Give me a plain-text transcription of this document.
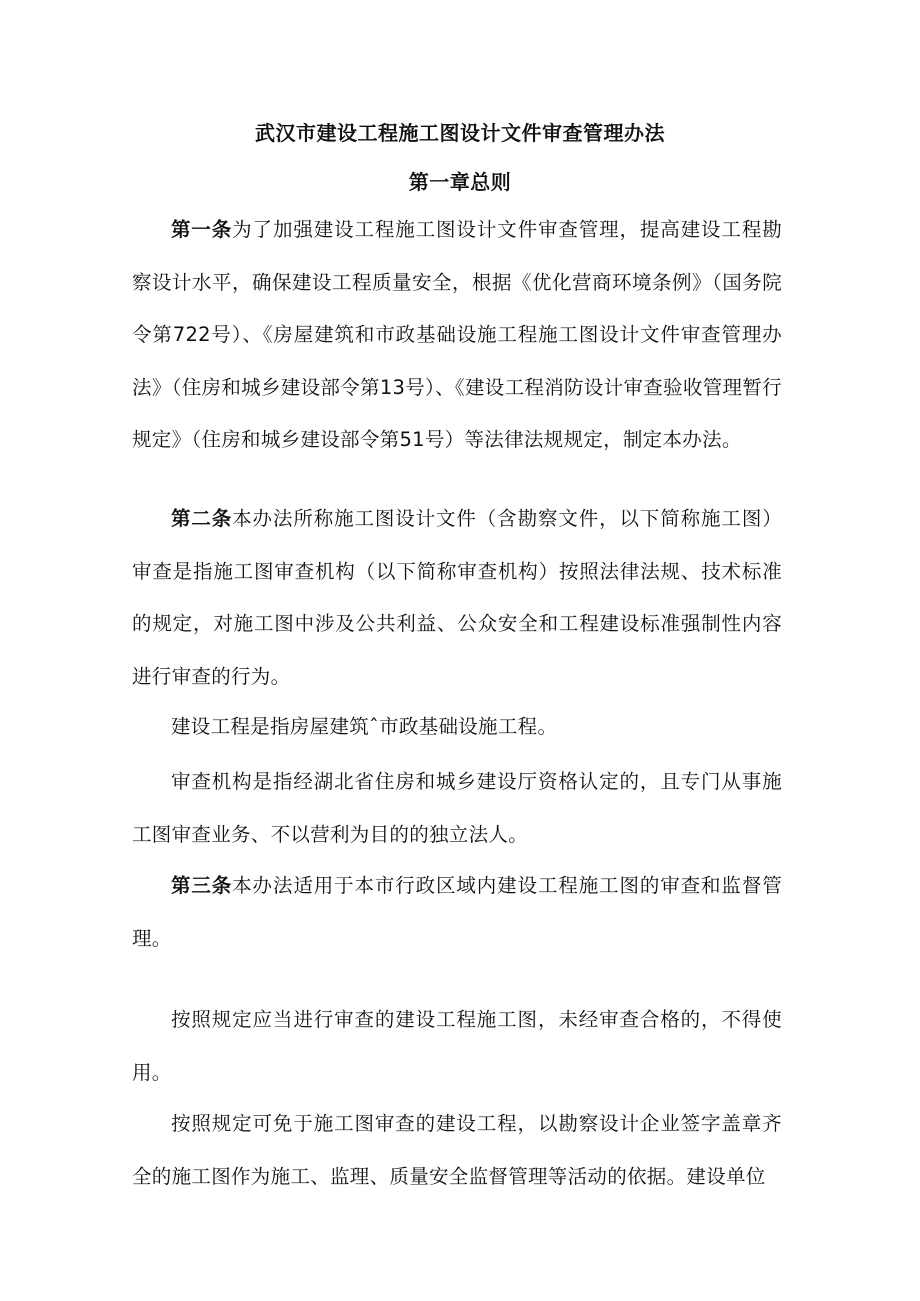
武汉市建设工程施工图设计文件审查管理办法
第一章总则

第一条为了加强建设工程施工图设计文件审查管理，提高建设工程勘察设计水平，确保建设工程质量安全，根据《优化营商环境条例》（国务院令第722号）、《房屋建筑和市政基础设施工程施工图设计文件审查管理办法》（住房和城乡建设部令第13号）、《建设工程消防设计审查验收管理暂行规定》（住房和城乡建设部令第51号）等法律法规规定，制定本办法。

第二条本办法所称施工图设计文件（含勘察文件，以下简称施工图）审查是指施工图审查机构（以下简称审查机构）按照法律法规、技术标准的规定，对施工图中涉及公共利益、公众安全和工程建设标准强制性内容进行审查的行为。

建设工程是指房屋建筑ˆ市政基础设施工程。

审查机构是指经湖北省住房和城乡建设厅资格认定的，且专门从事施工图审查业务、不以营利为目的的独立法人。

第三条本办法适用于本市行政区域内建设工程施工图的审查和监督管理。

按照规定应当进行审查的建设工程施工图，未经审查合格的，不得使用。

按照规定可免于施工图审查的建设工程，以勘察设计企业签字盖章齐全的施工图作为施工、监理、质量安全监督管理等活动的依据。建设单位
